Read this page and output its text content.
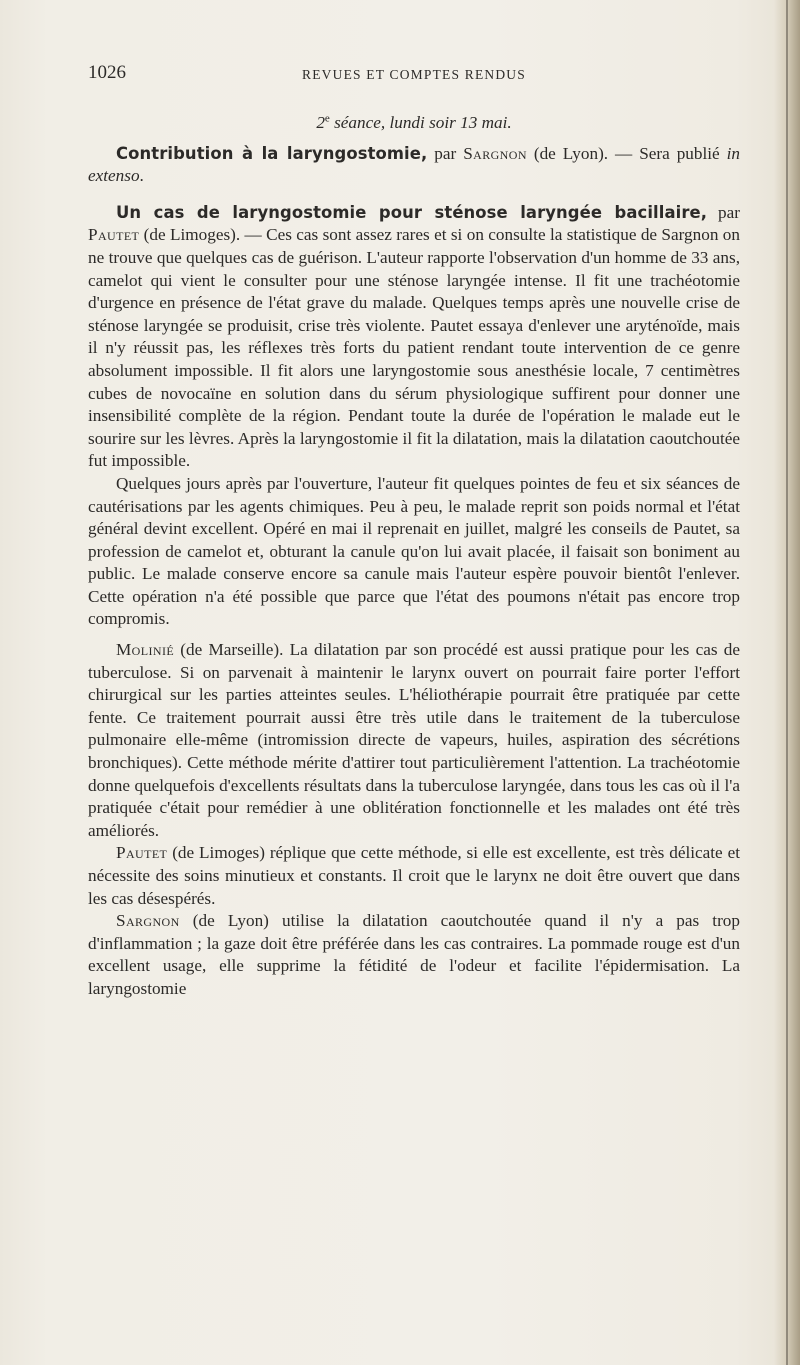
1026	REVUES ET COMPTES RENDUS
2e séance, lundi soir 13 mai.

Contribution à la laryngostomie, par Sargnon (de Lyon). — Sera publié in extenso.

Un cas de laryngostomie pour sténose laryngée bacillaire, par Pautet (de Limoges). — Ces cas sont assez rares et si on consulte la statistique de Sargnon on ne trouve que quelques cas de guérison. L'auteur rapporte l'observation d'un homme de 33 ans, camelot qui vient le consulter pour une sténose laryngée intense. Il fit une trachéotomie d'urgence en présence de l'état grave du malade. Quelques temps après une nouvelle crise de sténose laryngée se produisit, crise très violente. Pautet essaya d'enlever une aryténoïde, mais il n'y réussit pas, les réflexes très forts du patient rendant toute intervention de ce genre absolument impossible. Il fit alors une laryngostomie sous anesthésie locale, 7 centimètres cubes de novocaïne en solution dans du sérum physiologique suffirent pour donner une insensibilité complète de la région. Pendant toute la durée de l'opération le malade eut le sourire sur les lèvres. Après la laryngostomie il fit la dilatation, mais la dilatation caoutchoutée fut impossible.

Quelques jours après par l'ouverture, l'auteur fit quelques pointes de feu et six séances de cautérisations par les agents chimiques. Peu à peu, le malade reprit son poids normal et l'état général devint excellent. Opéré en mai il reprenait en juillet, malgré les conseils de Pautet, sa profession de camelot et, obturant la canule qu'on lui avait placée, il faisait son boniment au public. Le malade conserve encore sa canule mais l'auteur espère pouvoir bientôt l'enlever. Cette opération n'a été possible que parce que l'état des poumons n'était pas encore trop compromis.

Molinié (de Marseille). La dilatation par son procédé est aussi pratique pour les cas de tuberculose. Si on parvenait à maintenir le larynx ouvert on pourrait faire porter l'effort chirurgical sur les parties atteintes seules. L'héliothérapie pourrait être pratiquée par cette fente. Ce traitement pourrait aussi être très utile dans le traitement de la tuberculose pulmonaire elle-même (intromission directe de vapeurs, huiles, aspiration des sécrétions bronchiques). Cette méthode mérite d'attirer tout particulièrement l'attention. La trachéotomie donne quelquefois d'excellents résultats dans la tuberculose laryngée, dans tous les cas où il l'a pratiquée c'était pour remédier à une oblitération fonctionnelle et les malades ont été très améliorés.

Pautet (de Limoges) réplique que cette méthode, si elle est excellente, est très délicate et nécessite des soins minutieux et constants. Il croit que le larynx ne doit être ouvert que dans les cas désespérés.

Sargnon (de Lyon) utilise la dilatation caoutchoutée quand il n'y a pas trop d'inflammation ; la gaze doit être préférée dans les cas contraires. La pommade rouge est d'un excellent usage, elle supprime la fétidité de l'odeur et facilite l'épidermisation. La laryngostomie
